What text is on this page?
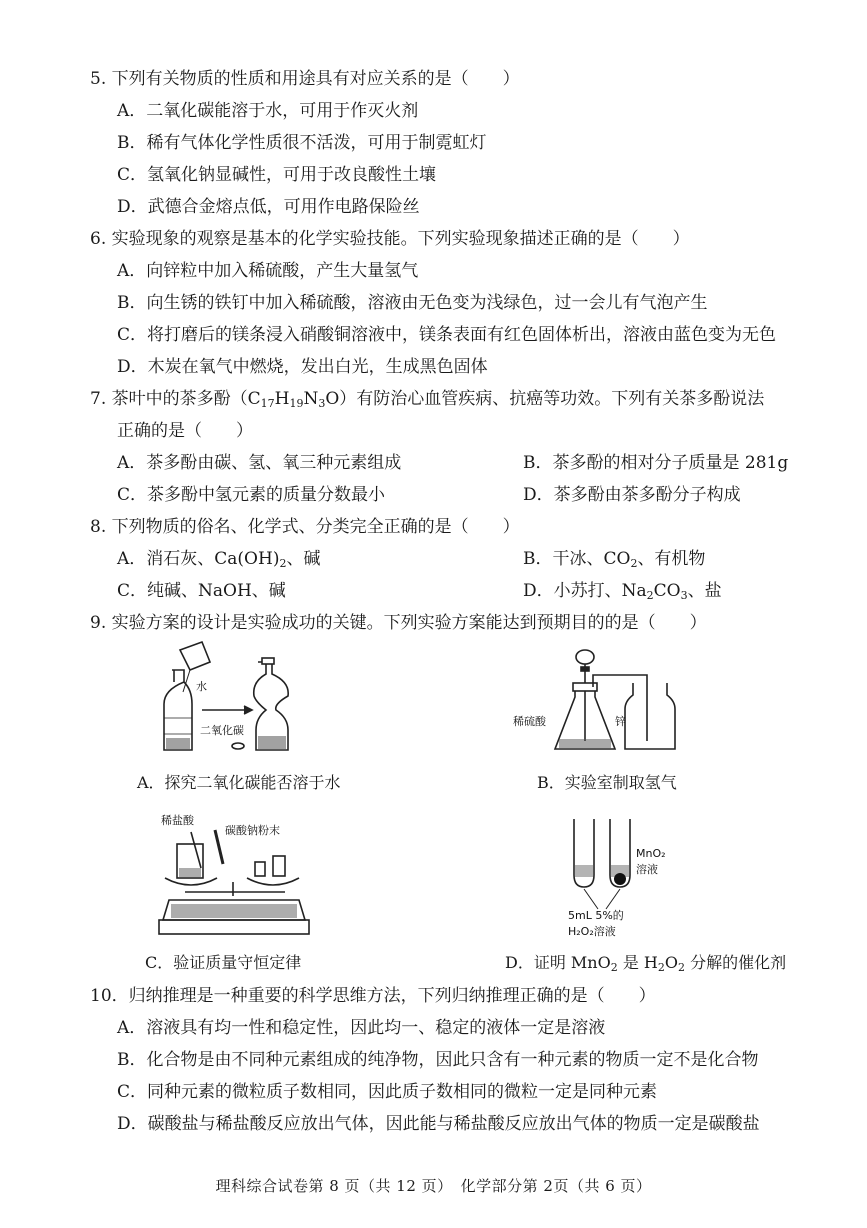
5. 下列有关物质的性质和用途具有对应关系的是（　　）
A．二氧化碳能溶于水，可用于作灭火剂
B．稀有气体化学性质很不活泼，可用于制霓虹灯
C．氢氧化钠显碱性，可用于改良酸性土壤
D．武德合金熔点低，可用作电路保险丝
6. 实验现象的观察是基本的化学实验技能。下列实验现象描述正确的是（　　）
A．向锌粒中加入稀硫酸，产生大量氢气
B．向生锈的铁钉中加入稀硫酸，溶液由无色变为浅绿色，过一会儿有气泡产生
C．将打磨后的镁条浸入硝酸铜溶液中，镁条表面有红色固体析出，溶液由蓝色变为无色
D．木炭在氧气中燃烧，发出白光，生成黑色固体
7. 茶叶中的茶多酚$(C_{17}H_{19}N_3O)$有防治心血管疾病、抗癌等功效。下列有关茶多酚说法
正确的是（　　）
A．茶多酚由碳、氢、氧三种元素组成	B．茶多酚的相对分子质量是 281g
C．茶多酚中氢元素的质量分数最小	D．茶多酚由茶多酚分子构成
8. 下列物质的俗名、化学式、分类完全正确的是（　　）
A．消石灰、$Ca(OH)_2$、碱	B．干冰、$CO_2$、有机物
C．纯碱、NaOH、碱	D．小苏打、$Na_2CO_3$、盐
9. 实验方案的设计是实验成功的关键。下列实验方案能达到预期目的的是（　　）
水
二氧化碳
A．探究二氧化碳能否溶于水
稀硫酸	锌
B．实验室制取氢气
稀盐酸
碳酸钠粉末
C．验证质量守恒定律
MnO₂
溶液
5mL 5%的
H₂O₂溶液
D．证明 MnO$_2$ 是 $H_2O_2$ 分解的催化剂
10．归纳推理是一种重要的科学思维方法，下列归纳推理正确的是（　　）
A．溶液具有均一性和稳定性，因此均一、稳定的液体一定是溶液
B．化合物是由不同种元素组成的纯净物，因此只含有一种元素的物质一定不是化合物
C．同种元素的微粒质子数相同，因此质子数相同的微粒一定是同种元素
D．碳酸盐与稀盐酸反应放出气体，因此能与稀盐酸反应放出气体的物质一定是碳酸盐
理科综合试卷第 8 页（共 12 页）　化学部分第 2页（共 6 页）
